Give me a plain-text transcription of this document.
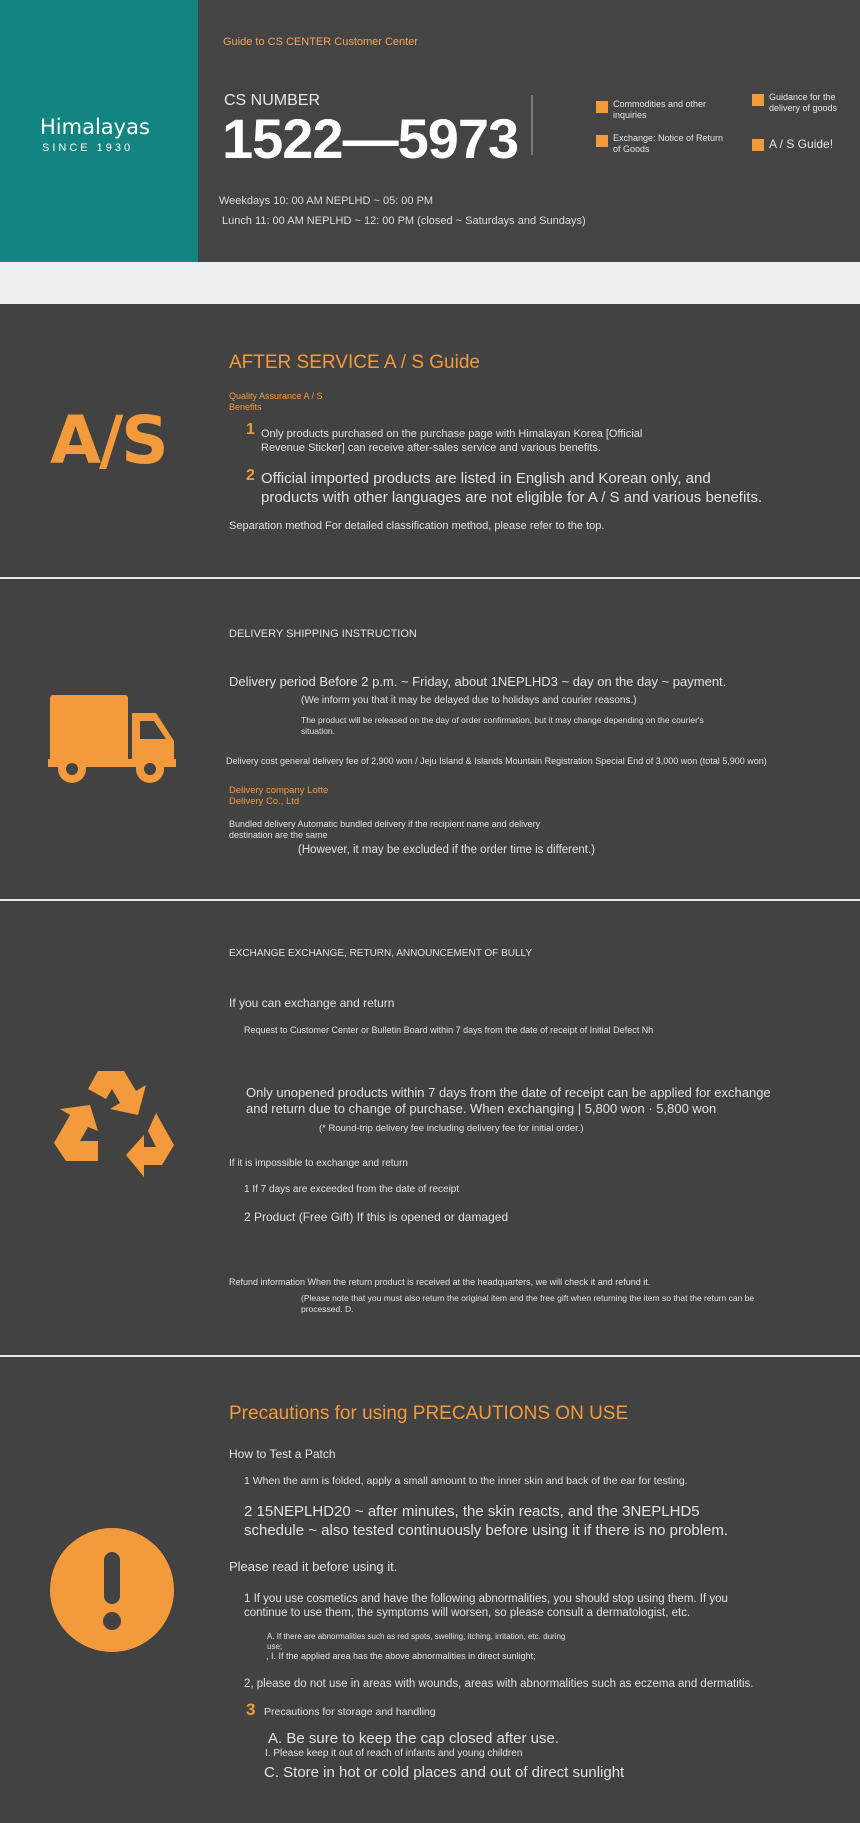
Himalayas
SINCE 1930
Guide to CS CENTER Customer Center
CS NUMBER
1522—5973
Commodities and other inquiries
Guidance for the delivery of goods
Exchange: Notice of Return of Goods	A / S Guide!
Weekdays 10: 00 AM NEPLHD ~ 05: 00 PM
Lunch 11: 00 AM NEPLHD ~ 12: 00 PM (closed ~ Saturdays and Sundays)
A/S
AFTER SERVICE A / S Guide
Quality Assurance A / S
Benefits
1 Only products purchased on the purchase page with Himalayan Korea [Official
Revenue Sticker] can receive after-sales service and various benefits.
2 Official imported products are listed in English and Korean only, and
products with other languages are not eligible for A / S and various benefits.
Separation method For detailed classification method, please refer to the top.
DELIVERY SHIPPING INSTRUCTION
Delivery period Before 2 p.m. ~ Friday, about 1NEPLHD3 ~ day on the day ~ payment.
(We inform you that it may be delayed due to holidays and courier reasons.)
The product will be released on the day of order confirmation, but it may change depending on the courier's
situation.
Delivery cost general delivery fee of 2,900 won / Jeju Island & Islands Mountain Registration Special End of 3,000 won (total 5,900 won)
Delivery company Lotte
Delivery Co., Ltd
Bundled delivery Automatic bundled delivery if the recipient name and delivery
destination are the same
(However, it may be excluded if the order time is different.)
EXCHANGE EXCHANGE, RETURN, ANNOUNCEMENT OF BULLY
If you can exchange and return
Request to Customer Center or Bulletin Board within 7 days from the date of receipt of Initial Defect Nh
Only unopened products within 7 days from the date of receipt can be applied for exchange
and return due to change of purchase. When exchanging | 5,800 won · 5,800 won
(* Round-trip delivery fee including delivery fee for initial order.)
If it is impossible to exchange and return
1 If 7 days are exceeded from the date of receipt
2 Product (Free Gift) If this is opened or damaged
Refund information When the return product is received at the headquarters, we will check it and refund it.
(Please note that you must also return the original item and the free gift when returning the item so that the return can be
processed. D.
Precautions for using PRECAUTIONS ON USE
How to Test a Patch
1 When the arm is folded, apply a small amount to the inner skin and back of the ear for testing.
2 15NEPLHD20 ~ after minutes, the skin reacts, and the 3NEPLHD5
schedule ~ also tested continuously before using it if there is no problem.
Please read it before using it.
1 If you use cosmetics and have the following abnormalities, you should stop using them. If you
continue to use them, the symptoms will worsen, so please consult a dermatologist, etc.
A. If there are abnormalities such as red spots, swelling, itching, irritation, etc. during
use;
, I. If the applied area has the above abnormalities in direct sunlight;
2, please do not use in areas with wounds, areas with abnormalities such as eczema and dermatitis.
3 Precautions for storage and handling
A. Be sure to keep the cap closed after use.
I. Please keep it out of reach of infants and young children
C. Store in hot or cold places and out of direct sunlight
